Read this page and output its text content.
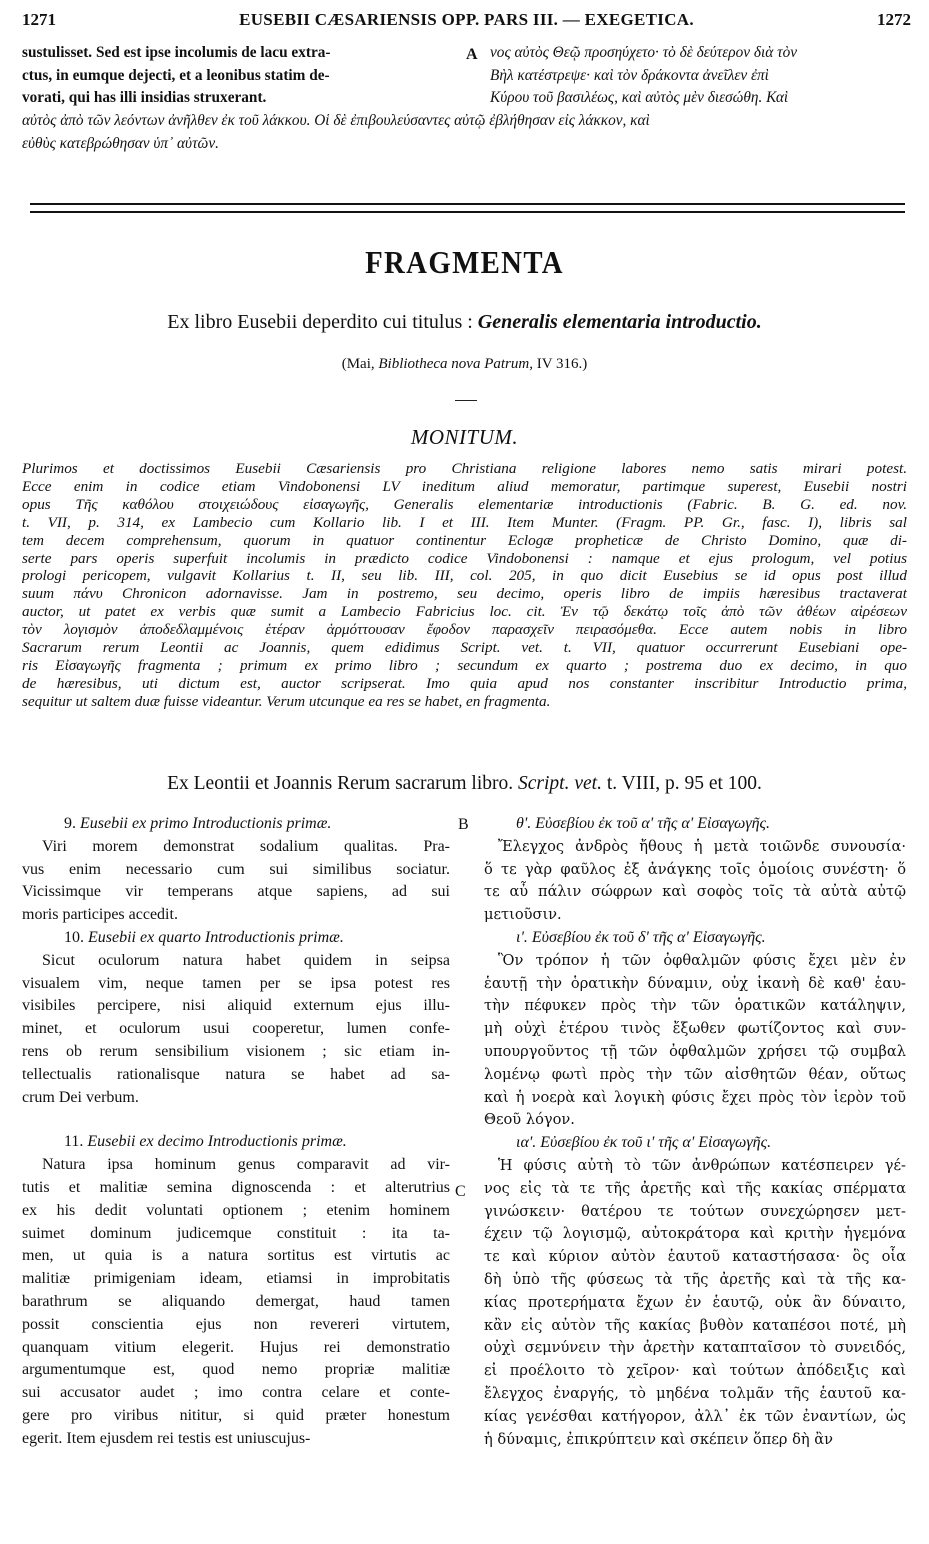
1271	EUSEBII CÆSARIENSIS OPP. PARS III. — EXEGETICA.	1272

sustulisset. Sed est ipse incolumis de lacu extra-

ctus, in eumque dejecti, et a leonibus statim de-

vorati, qui has illi insidias struxerant.

A νος αὐτὸς Θεῷ προσηύχετο· τὸ δὲ δεύτερον διὰ τὸν

Βὴλ κατέστρεψε· καὶ τὸν δράκοντα ἀνεῖλεν ἐπὶ

Κύρου τοῦ βασιλέως, καὶ αὐτὸς μὲν διεσώθη. Καὶ

αὐτὸς ἀπὸ τῶν λεόντων ἀνῆλθεν ἐκ τοῦ λάκκου. Οἱ δὲ ἐπιβουλεύσαντες αὐτῷ ἐβλήθησαν εἰς λάκκον, καὶ

εὐθὺς κατεβρώθησαν ὑπ᾽ αὐτῶν.

FRAGMENTA
Ex libro Eusebii deperdito cui titulus : Generalis elementaria introductio.
(Mai, Bibliotheca nova Patrum, IV 316.)
MONITUM.
Plurimos et doctissimos Eusebii Cæsariensis pro Christiana religione labores nemo satis mirari potest.
Ecce enim in codice etiam Vindobonensi LV ineditum aliud memoratur, partimque superest, Eusebii nostri
opus Τῆς καθόλου στοιχειώδους εἰσαγωγῆς, Generalis elementariæ introductionis (Fabric. B. G. ed. nov.
t. VII, p. 314, ex Lambecio cum Kollario lib. I et III. Item Munter. (Fragm. PP. Gr., fasc. I), libris sal
tem decem comprehensum, quorum in quatuor continentur Eclogæ propheticæ de Christo Domino, quæ di-
serte pars operis superfuit incolumis in prædicto codice Vindobonensi : namque et ejus prologum, vel potius
prologi pericopem, vulgavit Kollarius t. II, seu lib. III, col. 205, in quo dicit Eusebius se id opus post illud
suum πάνυ Chronicon adornavisse. Jam in postremo, seu decimo, operis libro de impiis hæresibus tractaverat
auctor, ut patet ex verbis quæ sumit a Lambecio Fabricius loc. cit. Ἐν τῷ δεκάτῳ τοῖς ἀπὸ τῶν ἀθέων αἱρέσεων
τὸν λογισμὸν ἀποδεδλαμμένοις ἑτέραν ἁρμόττουσαν ἔφοδον παρασχεῖν πειρασόμεθα. Ecce autem nobis in libro
Sacrarum rerum Leontii ac Joannis, quem edidimus Script. vet. t. VII, quatuor occurrerunt Eusebiani ope-
ris Εἰσαγωγῆς fragmenta ; primum ex primo libro ; secundum ex quarto ; postrema duo ex decimo, in quo
de hæresibus, uti dictum est, auctor scripserat. Imo quia apud nos constanter inscribitur Introductio prima,
sequitur ut saltem duæ fuisse videantur. Verum utcunque ea res se habet, en fragmenta.
Ex Leontii et Joannis Rerum sacrarum libro. Script. vet. t. VIII, p. 95 et 100.
B
C
9. Eusebii ex primo Introductionis primæ.
Viri morem demonstrat sodalium qualitas. Pra-
vus enim necessario cum sui similibus sociatur.
Vicissimque vir temperans atque sapiens, ad sui
moris participes accedit.
10. Eusebii ex quarto Introductionis primæ.
Sicut oculorum natura habet quidem in seipsa
visualem vim, neque tamen per se ipsa potest res
visibiles percipere, nisi aliquid externum ejus illu-
minet, et oculorum usui cooperetur, lumen confe-
rens ob rerum sensibilium visionem ; sic etiam in-
tellectualis rationalisque natura se habet ad sa-
crum Dei verbum.
11. Eusebii ex decimo Introductionis primæ.
Natura ipsa hominum genus comparavit ad vir-
tutis et malitiæ semina dignoscenda : et alterutrius
ex his dedit voluntati optionem ; etenim hominem
suimet dominum judicemque constituit : ita ta-
men, ut quia is a natura sortitus est virtutis ac
malitiæ primigeniam ideam, etiamsi in improbitatis
barathrum se aliquando demergat, haud tamen
possit conscientia ejus non revereri virtutem,
quanquam vitium elegerit. Hujus rei demonstratio
argumentumque est, quod nemo propriæ malitiæ
sui accusator audet ; imo contra celare et conte-
gere pro viribus nititur, si quid præter honestum
egerit. Item ejusdem rei testis est uniuscujus-
θ'. Εὐσεβίου ἐκ τοῦ α' τῆς α' Εἰσαγωγῆς.
Ἔλεγχος ἀνδρὸς ἤθους ἡ μετὰ τοιῶνδε συνουσία·
ὅ τε γὰρ φαῦλος ἐξ ἀνάγκης τοῖς ὁμοίοις συνέστη· ὅ
τε αὖ πάλιν σώφρων καὶ σοφὸς τοῖς τὰ αὐτὰ αὐτῷ
μετιοῦσιν.
ι'. Εὐσεβίου ἐκ τοῦ δ' τῆς α' Εἰσαγωγῆς.
Ὃν τρόπον ἡ τῶν ὀφθαλμῶν φύσις ἔχει μὲν ἐν
ἑαυτῇ τὴν ὁρατικὴν δύναμιν, οὐχ ἱκανὴ δὲ καθ' ἑαυ-
τὴν πέφυκεν πρὸς τὴν τῶν ὁρατικῶν κατάληψιν,
μὴ οὐχὶ ἑτέρου τινὸς ἔξωθεν φωτίζοντος καὶ συν-
υπουργοῦντος τῇ τῶν ὀφθαλμῶν χρήσει τῷ συμβαλ
λομένῳ φωτὶ πρὸς τὴν τῶν αἰσθητῶν θέαν, οὕτως
καὶ ἡ νοερὰ καὶ λογικὴ φύσις ἔχει πρὸς τὸν ἱερὸν τοῦ
Θεοῦ λόγον.
ια'. Εὐσεβίου ἐκ τοῦ ι' τῆς α' Εἰσαγωγῆς.
Ἡ φύσις αὐτὴ τὸ τῶν ἀνθρώπων κατέσπειρεν γέ-
νος εἰς τὰ τε τῆς ἀρετῆς καὶ τῆς κακίας σπέρματα
γινώσκειν· θατέρου τε τούτων συνεχώρησεν μετ-
έχειν τῷ λογισμῷ, αὐτοκράτορα καὶ κριτὴν ἡγεμόνα
τε καὶ κύριον αὐτὸν ἑαυτοῦ καταστήσασα· ὃς οἷα
δὴ ὑπὸ τῆς φύσεως τὰ τῆς ἀρετῆς καὶ τὰ τῆς κα-
κίας προτερήματα ἔχων ἐν ἑαυτῷ, οὐκ ἂν δύναιτο,
κἂν εἰς αὐτὸν τῆς κακίας βυθὸν καταπέσοι ποτέ, μὴ
οὐχὶ σεμνύνειν τὴν ἀρετὴν καταπταῖσον τὸ συνειδός,
εἰ προέλοιτο τὸ χεῖρον· καὶ τούτων ἀπόδειξις καὶ
ἔλεγχος ἐναργής, τὸ μηδένα τολμᾶν τῆς ἑαυτοῦ κα-
κίας γενέσθαι κατήγορον, ἀλλ᾽ ἐκ τῶν ἐναντίων, ὡς
ἡ δύναμις, ἐπικρύπτειν καὶ σκέπειν ὅπερ δὴ ἂν
